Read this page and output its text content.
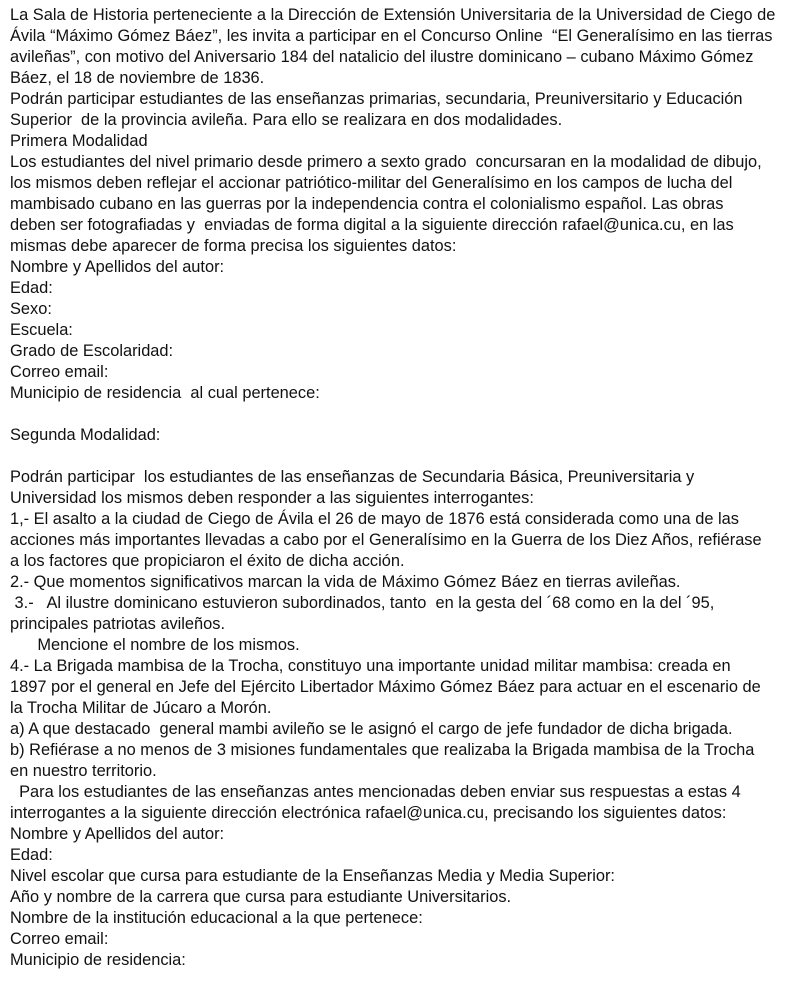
La Sala de Historia perteneciente a la Dirección de Extensión Universitaria de la Universidad de Ciego de
Ávila “Máximo Gómez Báez”, les invita a participar en el Concurso Online  “El Generalísimo en las tierras
avileñas”, con motivo del Aniversario 184 del natalicio del ilustre dominicano – cubano Máximo Gómez
Báez, el 18 de noviembre de 1836.
Podrán participar estudiantes de las enseñanzas primarias, secundaria, Preuniversitario y Educación
Superior  de la provincia avileña. Para ello se realizara en dos modalidades.
Primera Modalidad
Los estudiantes del nivel primario desde primero a sexto grado  concursaran en la modalidad de dibujo,
los mismos deben reflejar el accionar patriótico-militar del Generalísimo en los campos de lucha del
mambisado cubano en las guerras por la independencia contra el colonialismo español. Las obras
deben ser fotografiadas y  enviadas de forma digital a la siguiente dirección rafael@unica.cu, en las
mismas debe aparecer de forma precisa los siguientes datos:
Nombre y Apellidos del autor:
Edad:
Sexo:
Escuela:
Grado de Escolaridad:
Correo email:
Municipio de residencia  al cual pertenece:
Segunda Modalidad:
Podrán participar  los estudiantes de las enseñanzas de Secundaria Básica, Preuniversitaria y
Universidad los mismos deben responder a las siguientes interrogantes:
1,- El asalto a la ciudad de Ciego de Ávila el 26 de mayo de 1876 está considerada como una de las
acciones más importantes llevadas a cabo por el Generalísimo en la Guerra de los Diez Años, refiérase
a los factores que propiciaron el éxito de dicha acción.
2.- Que momentos significativos marcan la vida de Máximo Gómez Báez en tierras avileñas.
3.-   Al ilustre dominicano estuvieron subordinados, tanto  en la gesta del ´68 como en la del ´95,
principales patriotas avileños.
Mencione el nombre de los mismos.
4.- La Brigada mambisa de la Trocha, constituyo una importante unidad militar mambisa: creada en
1897 por el general en Jefe del Ejército Libertador Máximo Gómez Báez para actuar en el escenario de
la Trocha Militar de Júcaro a Morón.
a) A que destacado  general mambi avileño se le asignó el cargo de jefe fundador de dicha brigada.
b) Refiérase a no menos de 3 misiones fundamentales que realizaba la Brigada mambisa de la Trocha
en nuestro territorio.
Para los estudiantes de las enseñanzas antes mencionadas deben enviar sus respuestas a estas 4
interrogantes a la siguiente dirección electrónica rafael@unica.cu, precisando los siguientes datos:
Nombre y Apellidos del autor:
Edad:
Nivel escolar que cursa para estudiante de la Enseñanzas Media y Media Superior:
Año y nombre de la carrera que cursa para estudiante Universitarios.
Nombre de la institución educacional a la que pertenece:
Correo email:
Municipio de residencia:
